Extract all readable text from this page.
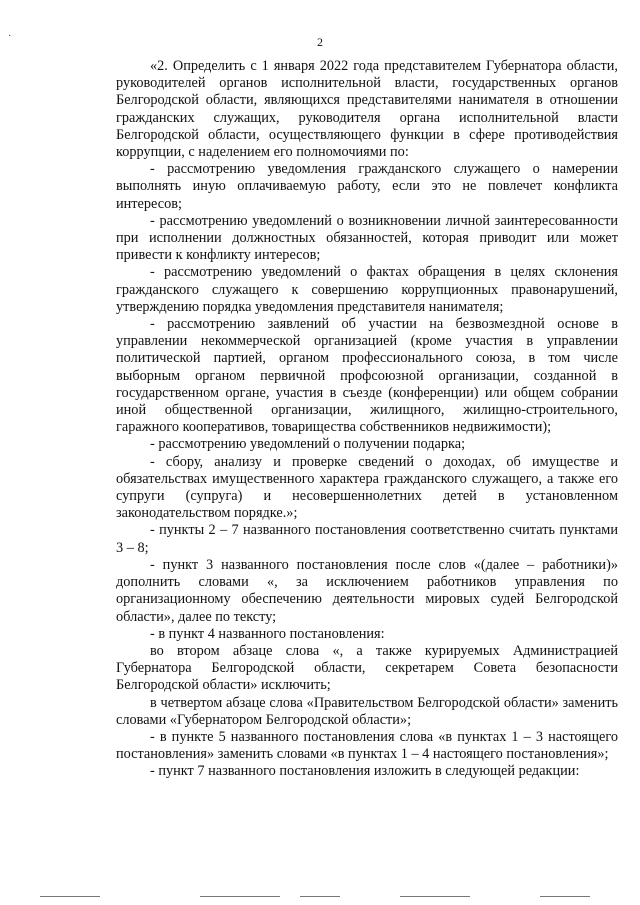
·	2

«2. Определить с 1 января 2022 года представителем Губернатора области, руководителей органов исполнительной власти, государственных органов Белгородской области, являющихся представителями нанимателя в отношении гражданских служащих, руководителя органа исполнительной власти Белгородской области, осуществляющего функции в сфере противодействия коррупции, с наделением его полномочиями по:

- рассмотрению уведомления гражданского служащего о намерении выполнять иную оплачиваемую работу, если это не повлечет конфликта интересов;

- рассмотрению уведомлений о возникновении личной заинтересованности при исполнении должностных обязанностей, которая приводит или может привести к конфликту интересов;

- рассмотрению уведомлений о фактах обращения в целях склонения гражданского служащего к совершению коррупционных правонарушений, утверждению порядка уведомления представителя нанимателя;

- рассмотрению заявлений об участии на безвозмездной основе в управлении некоммерческой организацией (кроме участия в управлении политической партией, органом профессионального союза, в том числе выборным органом первичной профсоюзной организации, созданной в государственном органе, участия в съезде (конференции) или общем собрании иной общественной организации, жилищного, жилищно-строительного, гаражного кооперативов, товарищества собственников недвижимости);

- рассмотрению уведомлений о получении подарка;

- сбору, анализу и проверке сведений о доходах, об имуществе и обязательствах имущественного характера гражданского служащего, а также его супруги (супруга) и несовершеннолетних детей в установленном законодательством порядке.»;

- пункты 2 – 7 названного постановления соответственно считать пунктами 3 – 8;

- пункт 3 названного постановления после слов «(далее – работники)» дополнить словами «, за исключением работников управления по организационному обеспечению деятельности мировых судей Белгородской области», далее по тексту;

- в пункт 4 названного постановления:

во втором абзаце слова «, а также курируемых Администрацией Губернатора Белгородской области, секретарем Совета безопасности Белгородской области» исключить;

в четвертом абзаце слова «Правительством Белгородской области» заменить словами «Губернатором Белгородской области»;

- в пункте 5 названного постановления слова «в пунктах 1 – 3 настоящего постановления» заменить словами «в пунктах 1 – 4 настоящего постановления»;

- пункт 7 названного постановления изложить в следующей редакции:
